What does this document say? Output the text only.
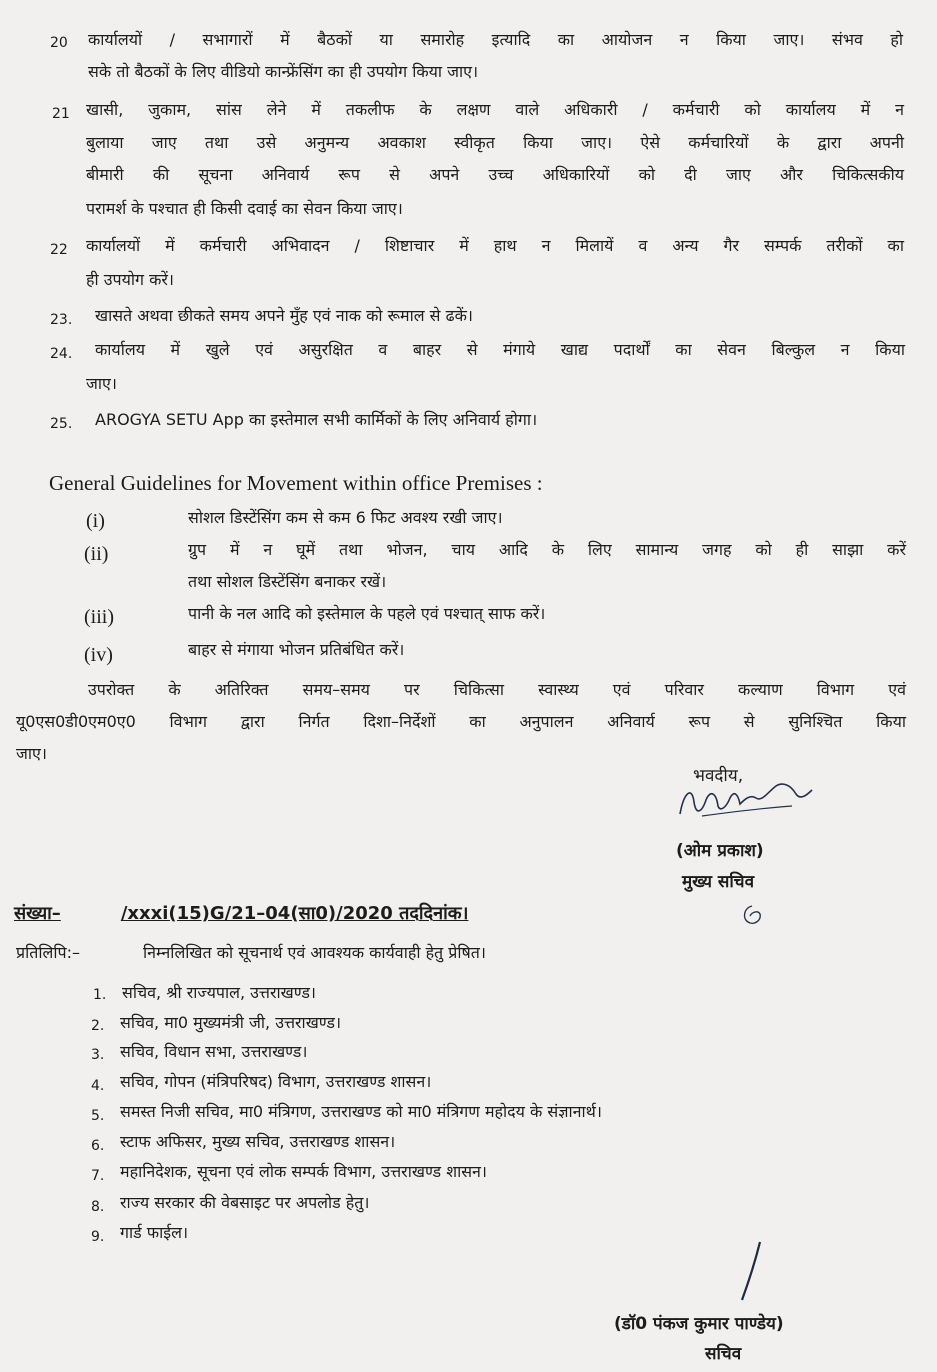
20 कार्यालयों / सभागारों में बैठकों या समारोह इत्यादि का आयोजन न किया जाए। संभव हो
सके तो बैठकों के लिए वीडियो कान्फ्रेंसिंग का ही उपयोग किया जाए।
21 खासी, जुकाम, सांस लेने में तकलीफ के लक्षण वाले अधिकारी / कर्मचारी को कार्यालय में न
बुलाया जाए तथा उसे अनुमन्य अवकाश स्वीकृत किया जाए। ऐसे कर्मचारियों के द्वारा अपनी
बीमारी की सूचना अनिवार्य रूप से अपने उच्च अधिकारियों को दी जाए और चिकित्सकीय
परामर्श के पश्चात ही किसी दवाई का सेवन किया जाए।
22 कार्यालयों में कर्मचारी अभिवादन / शिष्टाचार में हाथ न मिलायें व अन्य गैर सम्पर्क तरीकों का
ही उपयोग करें।
23. खासते अथवा छीकते समय अपने मुँह एवं नाक को रूमाल से ढकें।
24. कार्यालय में खुले एवं असुरक्षित व बाहर से मंगाये खाद्य पदार्थों का सेवन बिल्कुल न किया
जाए।
25. AROGYA SETU App का इस्तेमाल सभी कार्मिकों के लिए अनिवार्य होगा।
General Guidelines for Movement within office Premises :
(i)	सोशल डिस्टेंसिंग कम से कम 6 फिट अवश्य रखी जाए।
(ii)	ग्रुप में न घूमें तथा भोजन, चाय आदि के लिए सामान्य जगह को ही साझा करें
तथा सोशल डिस्टेंसिंग बनाकर रखें।
(iii)	पानी के नल आदि को इस्तेमाल के पहले एवं पश्चात् साफ करें।
(iv)	बाहर से मंगाया भोजन प्रतिबंधित करें।
उपरोक्त के अतिरिक्त समय–समय पर चिकित्सा स्वास्थ्य एवं परिवार कल्याण विभाग एवं
यू0एस0डी0एम0ए0 विभाग द्वारा निर्गत दिशा–निर्देशों का अनुपालन अनिवार्य रूप से सुनिश्चित किया
जाए।
भवदीय,
(ओम प्रकाश)
मुख्य सचिव
संख्या–	/xxxi(15)G/21–04(सा0)/2020 तददिनांक।
प्रतिलिपि:–	निम्नलिखित को सूचनार्थ एवं आवश्यक कार्यवाही हेतु प्रेषित।
1. सचिव, श्री राज्यपाल, उत्तराखण्ड।
2. सचिव, मा0 मुख्यमंत्री जी, उत्तराखण्ड।
3. सचिव, विधान सभा, उत्तराखण्ड।
4. सचिव, गोपन (मंत्रिपरिषद) विभाग, उत्तराखण्ड शासन।
5. समस्त निजी सचिव, मा0 मंत्रिगण, उत्तराखण्ड को मा0 मंत्रिगण महोदय के संज्ञानार्थ।
6. स्टाफ अफिसर, मुख्य सचिव, उत्तराखण्ड शासन।
7. महानिदेशक, सूचना एवं लोक सम्पर्क विभाग, उत्तराखण्ड शासन।
8. राज्य सरकार की वेबसाइट पर अपलोड हेतु।
9. गार्ड फाईल।
(डॉ0 पंकज कुमार पाण्डेय)
सचिव
